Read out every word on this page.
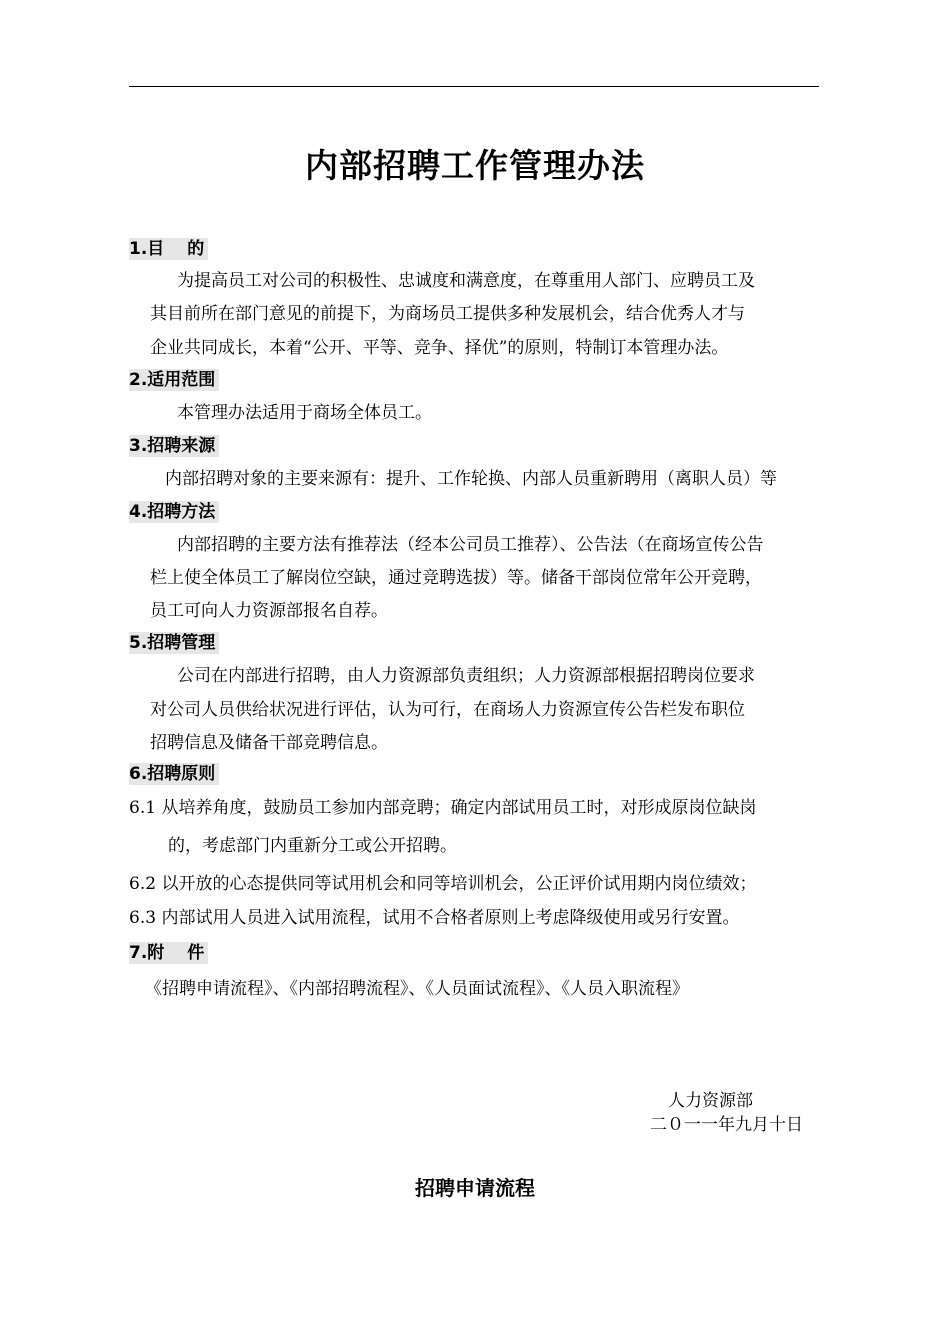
内部招聘工作管理办法
1.目　 的
为提高员工对公司的积极性、忠诚度和满意度，在尊重用人部门、应聘员工及
其目前所在部门意见的前提下，为商场员工提供多种发展机会，结合优秀人才与
企业共同成长，本着“公开、平等、竞争、择优”的原则，特制订本管理办法。
2.适用范围
本管理办法适用于商场全体员工。
3.招聘来源
内部招聘对象的主要来源有：提升、工作轮换、内部人员重新聘用（离职人员）等
4.招聘方法
内部招聘的主要方法有推荐法（经本公司员工推荐）、公告法（在商场宣传公告
栏上使全体员工了解岗位空缺，通过竞聘选拔）等。储备干部岗位常年公开竞聘，
员工可向人力资源部报名自荐。
5.招聘管理
公司在内部进行招聘，由人力资源部负责组织；人力资源部根据招聘岗位要求
对公司人员供给状况进行评估，认为可行，在商场人力资源宣传公告栏发布职位
招聘信息及储备干部竞聘信息。
6.招聘原则
6.1 从培养角度，鼓励员工参加内部竞聘；确定内部试用员工时，对形成原岗位缺岗
的，考虑部门内重新分工或公开招聘。
6.2 以开放的心态提供同等试用机会和同等培训机会，公正评价试用期内岗位绩效；
6.3 内部试用人员进入试用流程，试用不合格者原则上考虑降级使用或另行安置。
7.附　 件
《招聘申请流程》、《内部招聘流程》、《人员面试流程》、《人员入职流程》
人力资源部
二０一一年九月十日
招聘申请流程
